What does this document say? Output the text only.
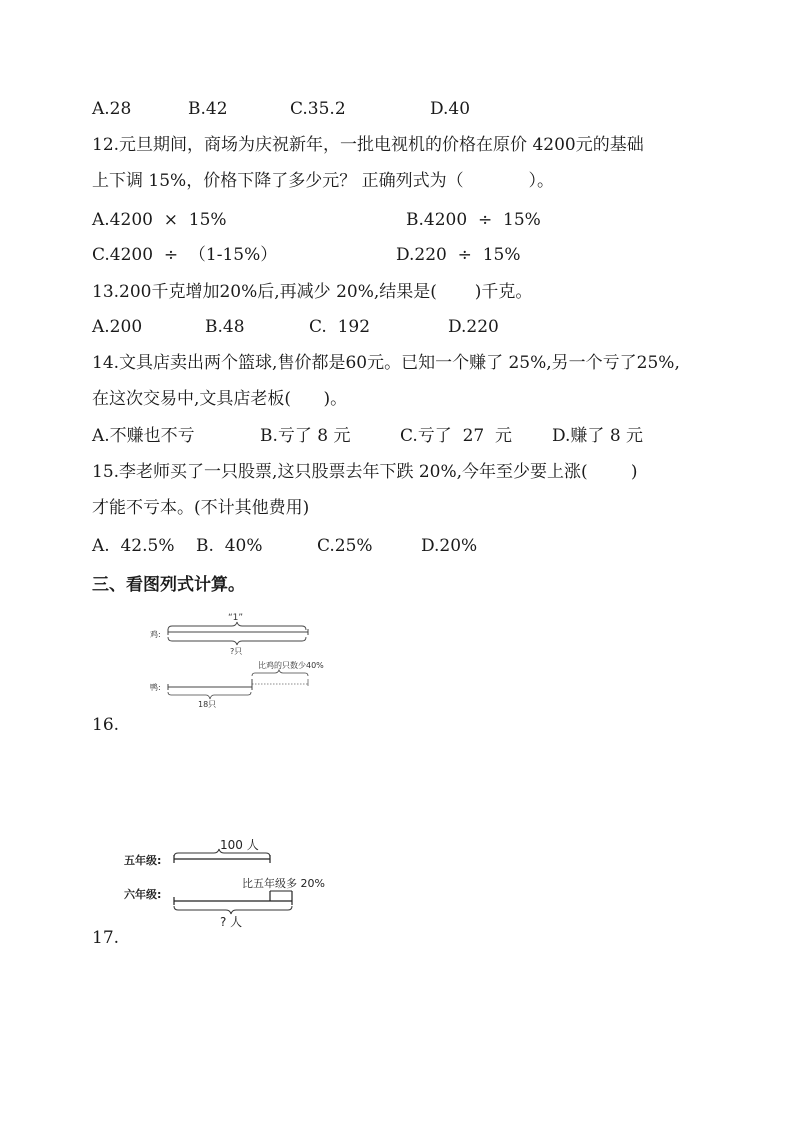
A.28	B.42	C.35.2	D.40
12.元旦期间，商场为庆祝新年，一批电视机的价格在原价 4200元的基础
上下调 15%，价格下降了多少元？ 正确列式为（            ）。
A.4200  ×  15%	B.4200  ÷  15%
C.4200  ÷  （1-15%）	D.220  ÷  15%
13.200千克增加20%后,再减少 20%,结果是(       )千克。
A.200	B.48	C.  192	D.220
14.文具店卖出两个篮球,售价都是60元。已知一个赚了 25%,另一个亏了25%,
在这次交易中,文具店老板(      )。
A.不赚也不亏	B.亏了 8 元	C.亏了  27  元 D.赚了 8 元
15.李老师买了一只股票,这只股票去年下跌 20%,今年至少要上涨(        )
才能不亏本。(不计其他费用)
A.  42.5% B.  40%	C.25%	D.20%
三、看图列式计算。
鸡:
“1”
?只
比鸡的只数少40%
鸭:
18只
16.
100 人
五年级:
比五年级多 20%
六年级:
? 人
17.
